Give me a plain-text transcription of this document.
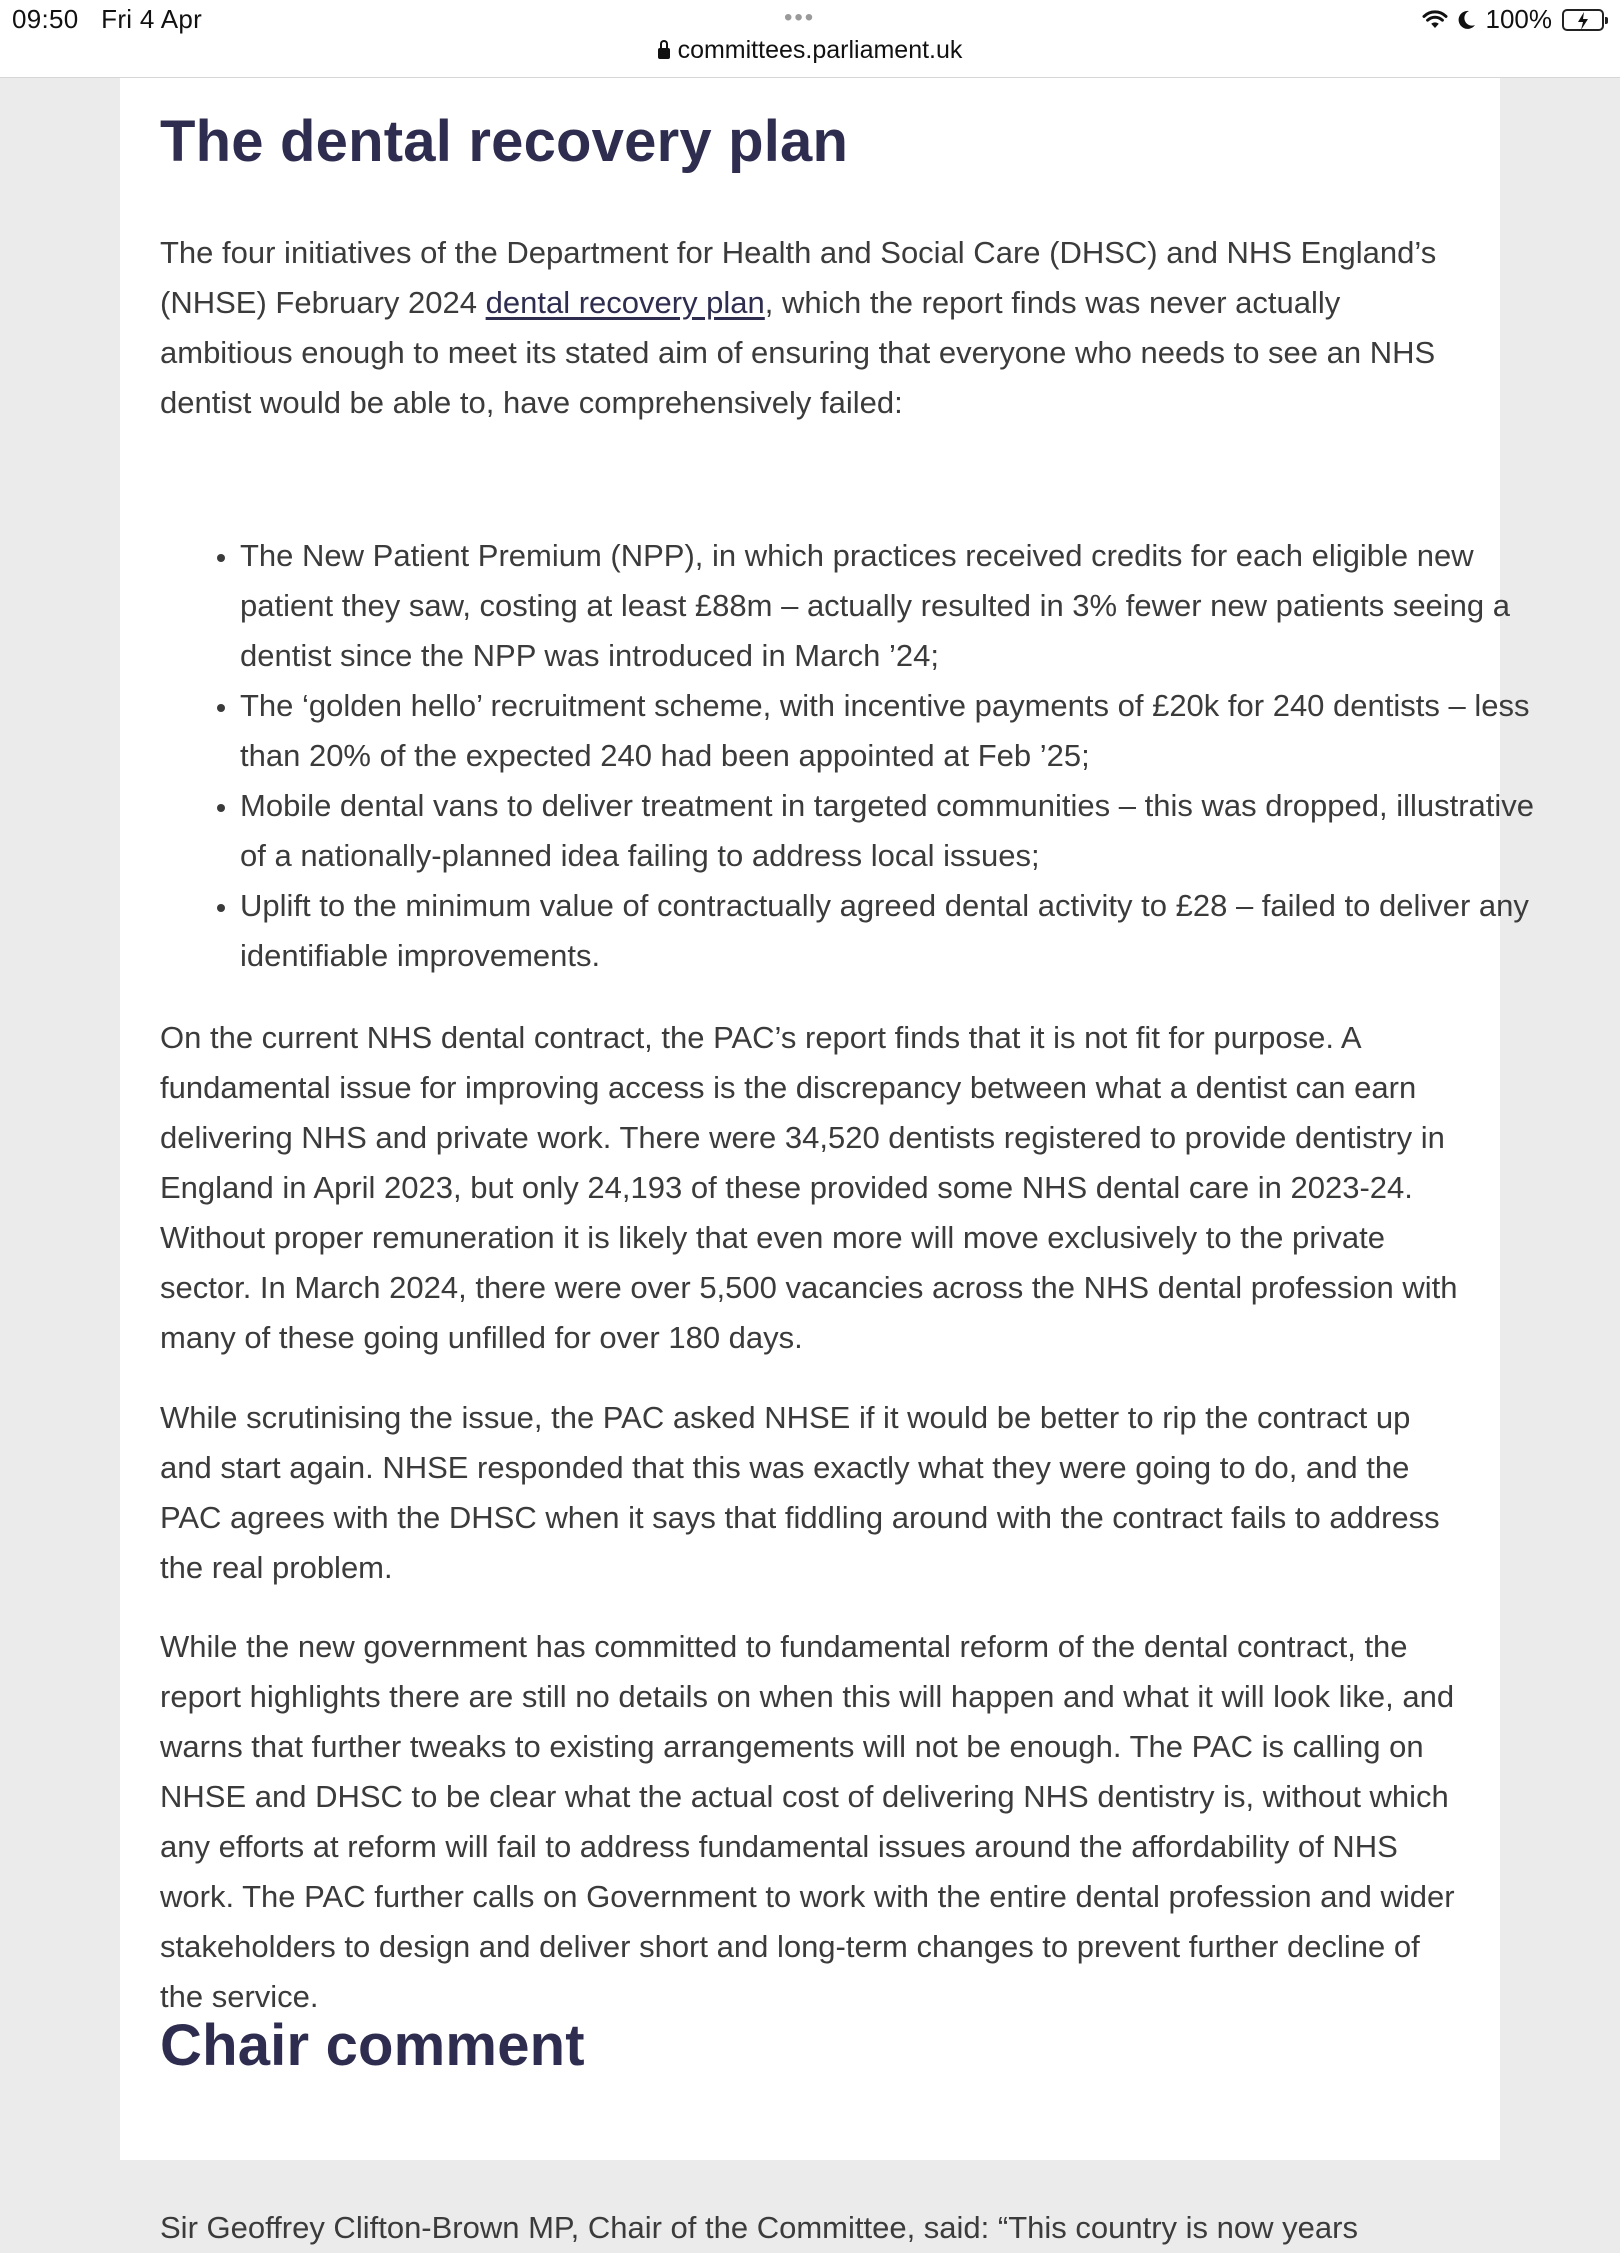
09:50 Fri 4 Apr	•••
committees.parliament.uk
100%
The dental recovery plan

The four initiatives of the Department for Health and Social Care (DHSC) and NHS England’s (NHSE) February 2024 dental recovery plan, which the report finds was never actually ambitious enough to meet its stated aim of ensuring that everyone who needs to see an NHS dentist would be able to, have comprehensively failed:

• The New Patient Premium (NPP), in which practices received credits for each eligible new patient they saw, costing at least £88m – actually resulted in 3% fewer new patients seeing a dentist since the NPP was introduced in March ’24;
• The ‘golden hello’ recruitment scheme, with incentive payments of £20k for 240 dentists – less than 20% of the expected 240 had been appointed at Feb ’25;
• Mobile dental vans to deliver treatment in targeted communities – this was dropped, illustrative of a nationally-planned idea failing to address local issues;
• Uplift to the minimum value of contractually agreed dental activity to £28 – failed to deliver any identifiable improvements.

On the current NHS dental contract, the PAC’s report finds that it is not fit for purpose. A fundamental issue for improving access is the discrepancy between what a dentist can earn delivering NHS and private work. There were 34,520 dentists registered to provide dentistry in England in April 2023, but only 24,193 of these provided some NHS dental care in 2023-24. Without proper remuneration it is likely that even more will move exclusively to the private sector. In March 2024, there were over 5,500 vacancies across the NHS dental profession with many of these going unfilled for over 180 days.

While scrutinising the issue, the PAC asked NHSE if it would be better to rip the contract up and start again. NHSE responded that this was exactly what they were going to do, and the PAC agrees with the DHSC when it says that fiddling around with the contract fails to address the real problem.

While the new government has committed to fundamental reform of the dental contract, the report highlights there are still no details on when this will happen and what it will look like, and warns that further tweaks to existing arrangements will not be enough. The PAC is calling on NHSE and DHSC to be clear what the actual cost of delivering NHS dentistry is, without which any efforts at reform will fail to address fundamental issues around the affordability of NHS work. The PAC further calls on Government to work with the entire dental profession and wider stakeholders to design and deliver short and long-term changes to prevent further decline of the service.

Chair comment

Sir Geoffrey Clifton-Brown MP, Chair of the Committee, said: “This country is now years
